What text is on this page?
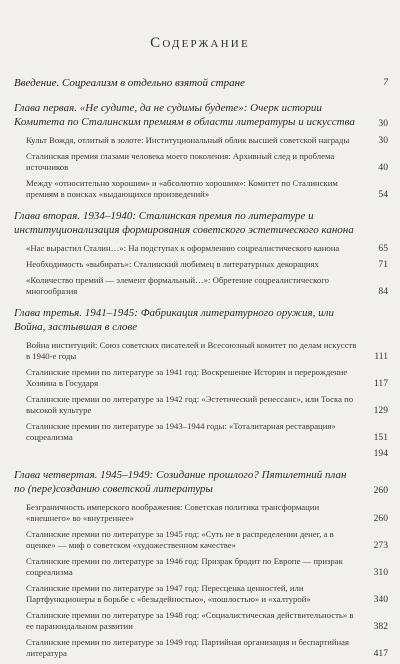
Содержание
Введение. Соцреализм в отдельно взятой стране	7
Глава первая. «Не судите, да не судимы будете»: Очерк истории Комитета по Сталинским премиям в области литературы и искусства	30
Культ Вождя, отлитый в золоте: Институциональный облик высшей советской награды	30
Сталинская премия глазами человека моего поколения: Архивный след и проблема источников	40
Между «относительно хорошим» и «абсолютно хорошим»: Комитет по Сталинским премиям в поисках «выдающихся произведений»	54
Глава вторая. 1934–1940: Сталинская премия по литературе и институционализация формирования советского эстетического канона
«Нас вырастил Сталин…»: На подступах к оформлению соцреалистического канона	65
Необходимость «выбирать»: Сталинский любимец в литературных декорациях	71
«Количество премий — элемент формальный…»: Обретение соцреалистического многообразия	84
Глава третья. 1941–1945: Фабрикация литературного оружия, или Война, застывшая в слове
Война институций: Союз советских писателей и Всесоюзный комитет по делам искусств в 1940-е годы	111
Сталинские премии по литературе за 1941 год: Воскрешение Истории и перерождение Хозяина в Государя	117
Сталинские премии по литературе за 1942 год: «Эстетический ренессанс», или Тоска по высокой культуре	129
Сталинские премии по литературе за 1943–1944 годы: «Тоталитарная реставрация» соцреализма	151
194
Глава четвертая. 1945–1949: Созидание прошлого? Пятилетний план по (пере)созданию советской литературы	260
Безграничность имперского воображения: Советская политика трансформации «внешнего» во «внутреннее»	260
Сталинские премии по литературе за 1945 год: «Суть не в распределении денег, а в оценке» — миф о советском «художественном качестве»	273
Сталинские премии по литературе за 1946 год: Призрак бродит по Европе — призрак соцреализма	310
Сталинские премии по литературе за 1947 год: Пересценка ценностей, или Партфункционеры в борьбе с «безыдейностью», «пошлостью» и «халтурой»	340
Сталинские премии по литературе за 1948 год: «Социалистическая действительность» в ее параноидальном развитии	382
Сталинские премии по литературе за 1949 год: Партийная организация и беспартийная литература	417
